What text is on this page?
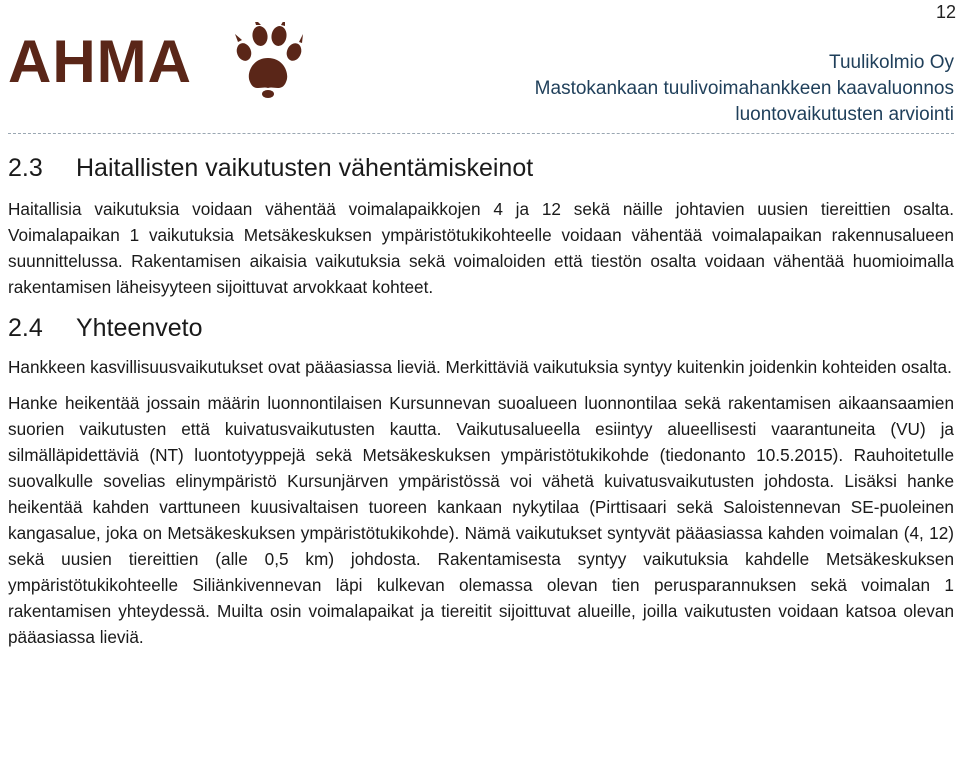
12
AHMA	Tuulikolmio Oy
Mastokankaan tuulivoimahankkeen kaavaluonnos
luontovaikutusten arviointi
2.3 Haitallisten vaikutusten vähentämiskeinot

Haitallisia vaikutuksia voidaan vähentää voimalapaikkojen 4 ja 12 sekä näille johtavien uusien tiereittien osalta. Voimalapaikan 1 vaikutuksia Metsäkeskuksen ympäristötukikohteelle voidaan vähentää voimalapaikan rakennusalueen suunnittelussa. Rakentamisen aikaisia vaikutuksia sekä voimaloiden että tiestön osalta voidaan vähentää huomioimalla rakentamisen läheisyyteen sijoittuvat arvokkaat kohteet.

2.4 Yhteenveto

Hankkeen kasvillisuusvaikutukset ovat pääasiassa lieviä. Merkittäviä vaikutuksia syntyy kuitenkin joidenkin kohteiden osalta.

Hanke heikentää jossain määrin luonnontilaisen Kursunnevan suoalueen luonnontilaa sekä rakentamisen aikaansaamien suorien vaikutusten että kuivatusvaikutusten kautta. Vaikutusalueella esiintyy alueellisesti vaarantuneita (VU) ja silmälläpidettäviä (NT) luontotyyppejä sekä Metsäkeskuksen ympäristötukikohde (tiedonanto 10.5.2015). Rauhoitetulle suovalkulle sovelias elinympäristö Kursunjärven ympäristössä voi vähetä kuivatusvaikutusten johdosta. Lisäksi hanke heikentää kahden varttuneen kuusivaltaisen tuoreen kankaan nykytilaa (Pirttisaari sekä Saloistennevan SE-puoleinen kangasalue, joka on Metsäkeskuksen ympäristötukikohde). Nämä vaikutukset syntyvät pääasiassa kahden voimalan (4, 12) sekä uusien tiereittien (alle 0,5 km) johdosta. Rakentamisesta syntyy vaikutuksia kahdelle Metsäkeskuksen ympäristötukikohteelle Siliänkivennevan läpi kulkevan olemassa olevan tien perusparannuksen sekä voimalan 1 rakentamisen yhteydessä. Muilta osin voimalapaikat ja tiereitit sijoittuvat alueille, joilla vaikutusten voidaan katsoa olevan pääasiassa lieviä.
